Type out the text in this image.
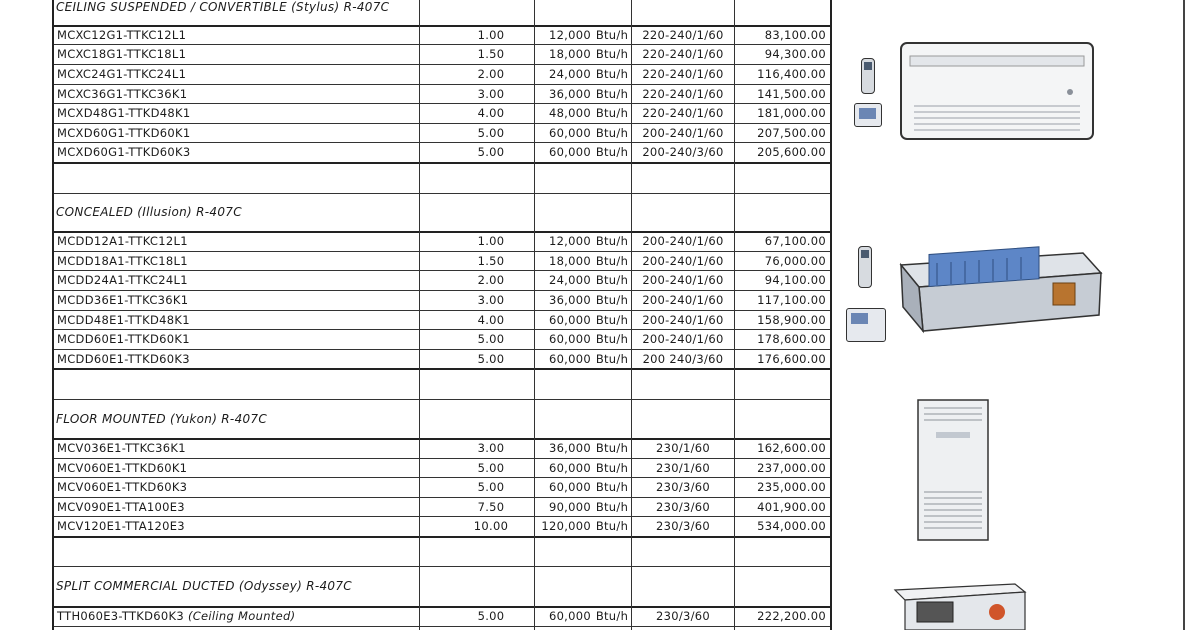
CEILING SUSPENDED / CONVERTIBLE (Stylus) R-407C
MCXC12G1-TTKC12L1	1.00	12,000 Btu/h	220-240/1/60	83,100.00
MCXC18G1-TTKC18L1	1.50	18,000 Btu/h	220-240/1/60	94,300.00
MCXC24G1-TTKC24L1	2.00	24,000 Btu/h	220-240/1/60	116,400.00
MCXC36G1-TTKC36K1	3.00	36,000 Btu/h	220-240/1/60	141,500.00
MCXD48G1-TTKD48K1	4.00	48,000 Btu/h	220-240/1/60	181,000.00
MCXD60G1-TTKD60K1	5.00	60,000 Btu/h	200-240/1/60	207,500.00
MCXD60G1-TTKD60K3	5.00	60,000 Btu/h	200-240/3/60	205,600.00
CONCEALED (Illusion) R-407C
MCDD12A1-TTKC12L1	1.00	12,000 Btu/h	200-240/1/60	67,100.00
MCDD18A1-TTKC18L1	1.50	18,000 Btu/h	200-240/1/60	76,000.00
MCDD24A1-TTKC24L1	2.00	24,000 Btu/h	200-240/1/60	94,100.00
MCDD36E1-TTKC36K1	3.00	36,000 Btu/h	200-240/1/60	117,100.00
MCDD48E1-TTKD48K1	4.00	60,000 Btu/h	200-240/1/60	158,900.00
MCDD60E1-TTKD60K1	5.00	60,000 Btu/h	200-240/1/60	178,600.00
MCDD60E1-TTKD60K3	5.00	60,000 Btu/h	200 240/3/60	176,600.00
FLOOR MOUNTED (Yukon) R-407C
MCV036E1-TTKC36K1	3.00	36,000 Btu/h	230/1/60	162,600.00
MCV060E1-TTKD60K1	5.00	60,000 Btu/h	230/1/60	237,000.00
MCV060E1-TTKD60K3	5.00	60,000 Btu/h	230/3/60	235,000.00
MCV090E1-TTA100E3	7.50	90,000 Btu/h	230/3/60	401,900.00
MCV120E1-TTA120E3	10.00	120,000 Btu/h	230/3/60	534,000.00
SPLIT COMMERCIAL DUCTED (Odyssey) R-407C
TTH060E3-TTKD60K3 (Ceiling Mounted)	5.00	60,000 Btu/h	230/3/60	222,200.00
